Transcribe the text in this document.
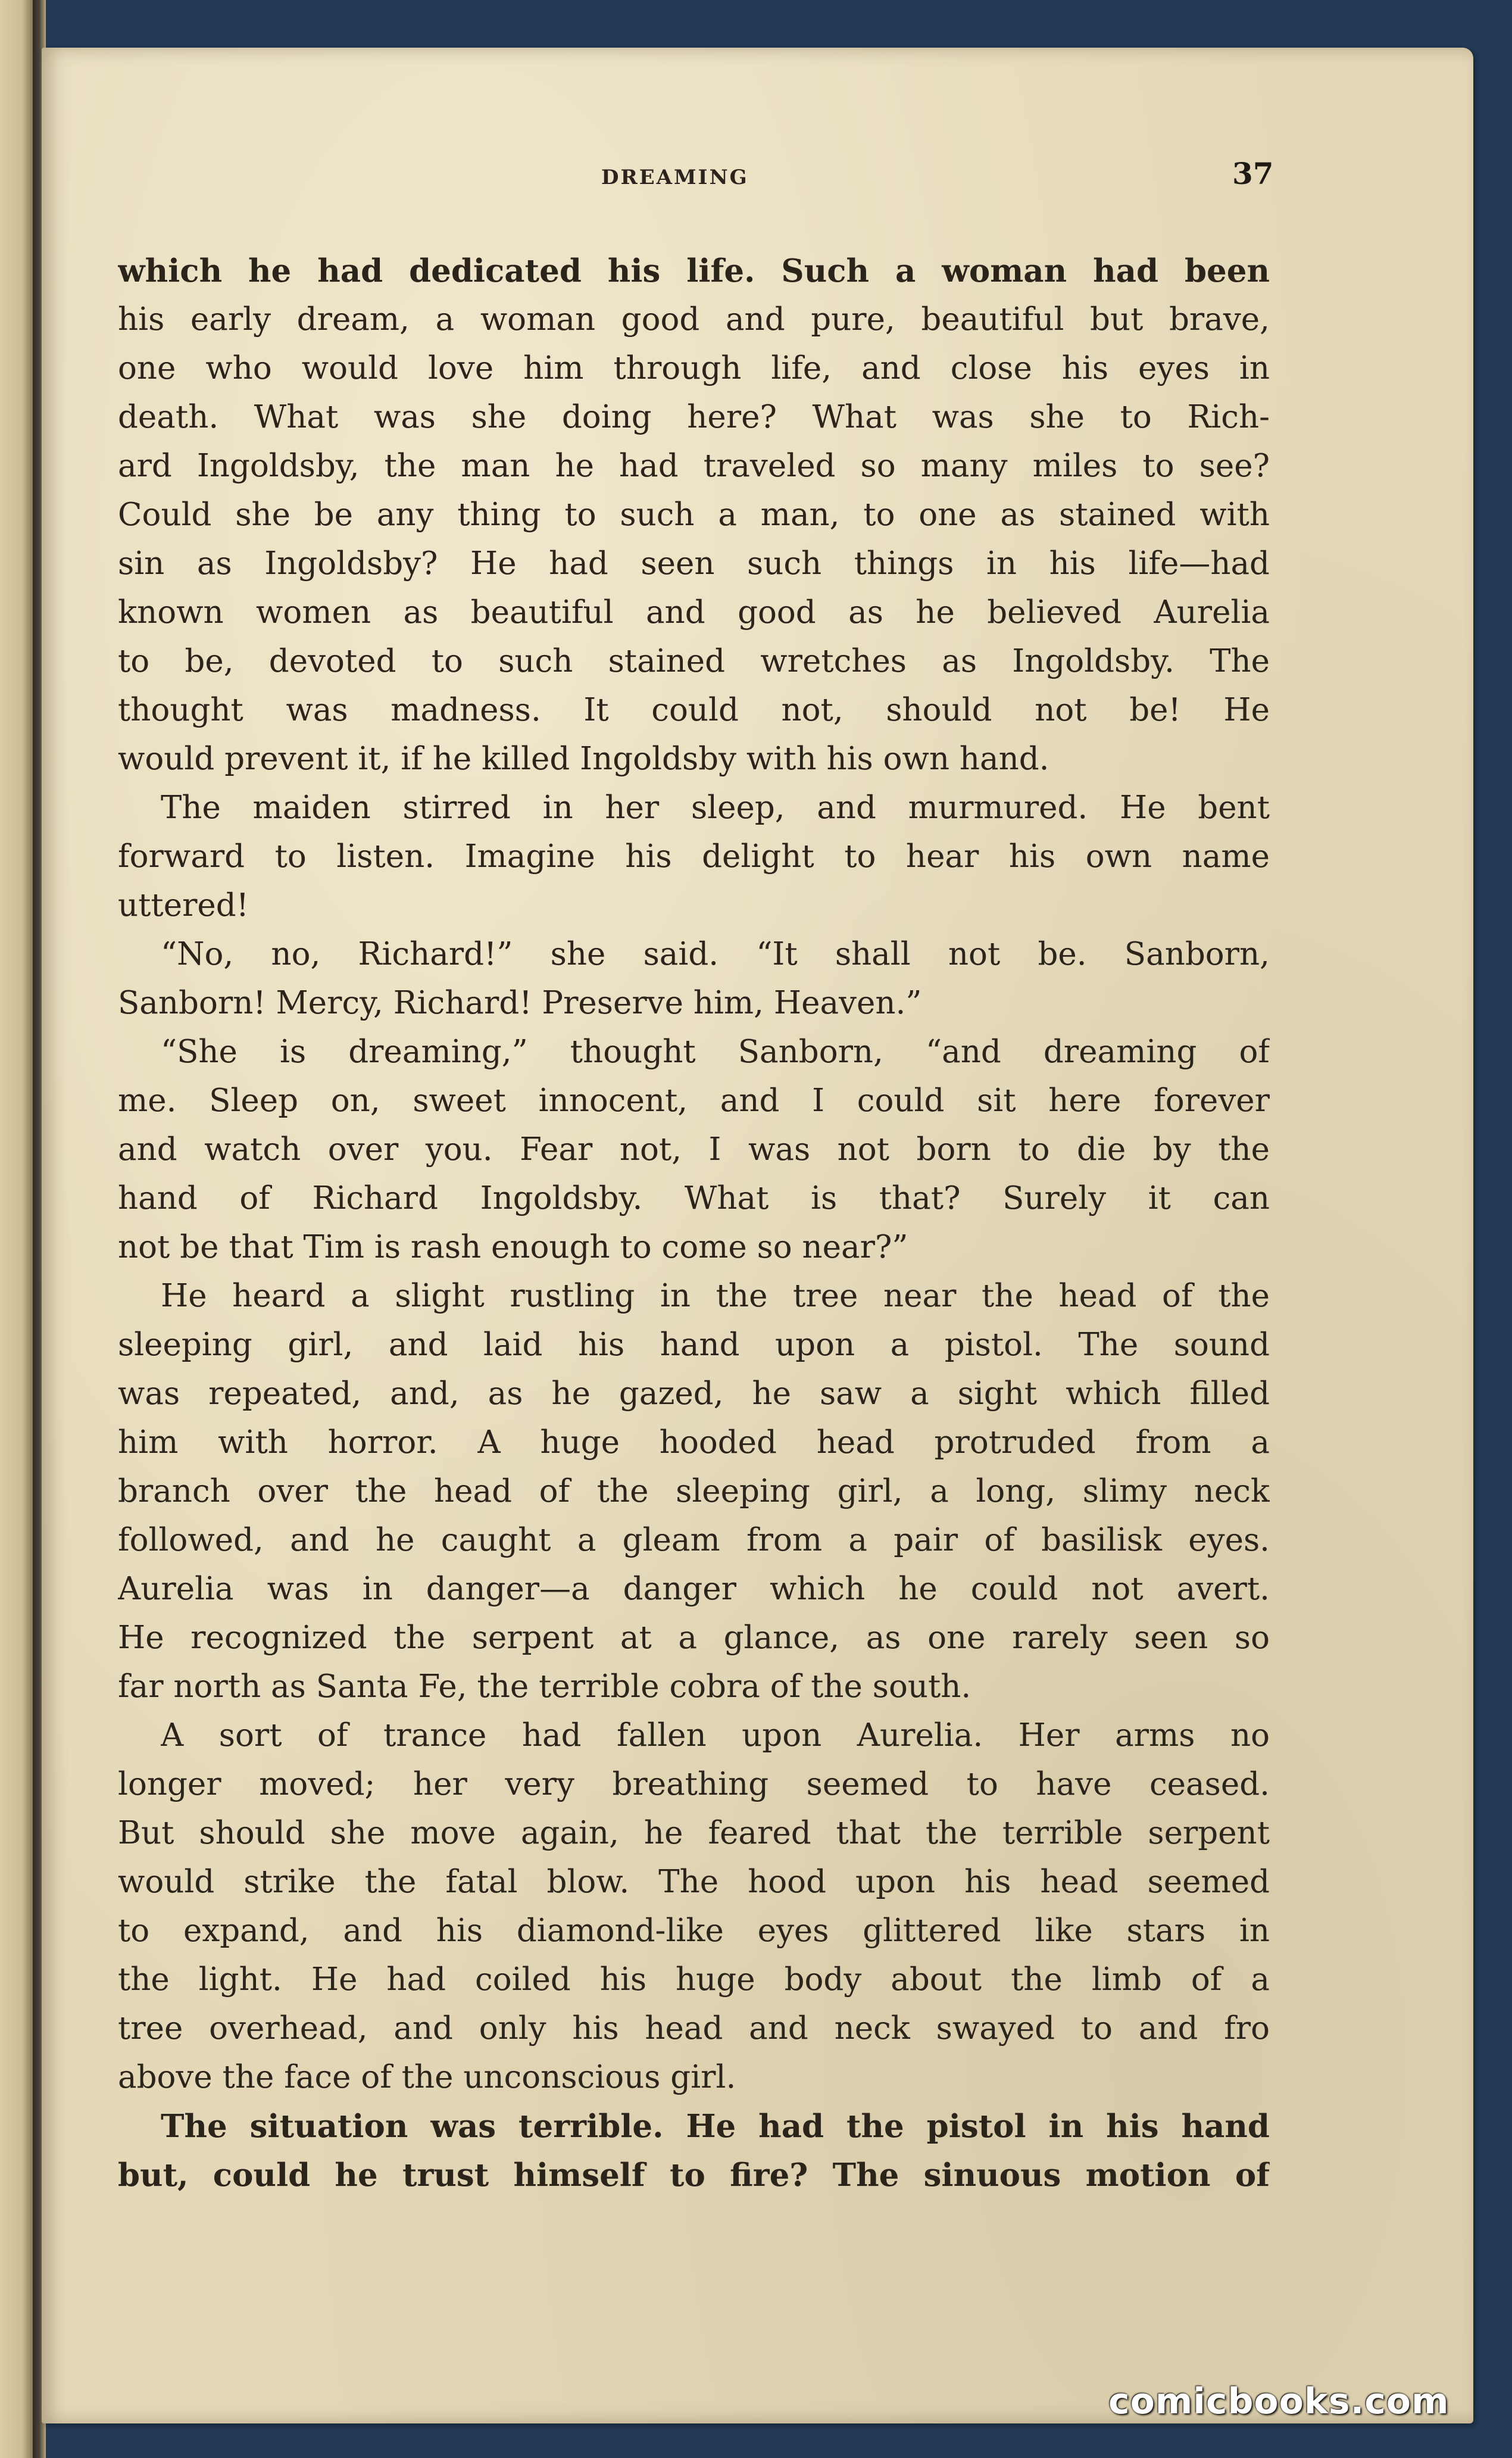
DREAMING	37
which he had dedicated his life. Such a woman had been
his early dream, a woman good and pure, beautiful but brave,
one who would love him through life, and close his eyes in
death. What was she doing here? What was she to Rich-
ard Ingoldsby, the man he had traveled so many miles to see?
Could she be any thing to such a man, to one as stained with
sin as Ingoldsby? He had seen such things in his life—had
known women as beautiful and good as he believed Aurelia
to be, devoted to such stained wretches as Ingoldsby. The
thought was madness. It could not, should not be! He
would prevent it, if he killed Ingoldsby with his own hand.
The maiden stirred in her sleep, and murmured. He bent
forward to listen. Imagine his delight to hear his own name
uttered!
“No, no, Richard!” she said. “It shall not be. Sanborn,
Sanborn! Mercy, Richard! Preserve him, Heaven.”
“She is dreaming,” thought Sanborn, “and dreaming of
me. Sleep on, sweet innocent, and I could sit here forever
and watch over you. Fear not, I was not born to die by the
hand of Richard Ingoldsby. What is that? Surely it can
not be that Tim is rash enough to come so near?”
He heard a slight rustling in the tree near the head of the
sleeping girl, and laid his hand upon a pistol. The sound
was repeated, and, as he gazed, he saw a sight which filled
him with horror. A huge hooded head protruded from a
branch over the head of the sleeping girl, a long, slimy neck
followed, and he caught a gleam from a pair of basilisk eyes.
Aurelia was in danger—a danger which he could not avert.
He recognized the serpent at a glance, as one rarely seen so
far north as Santa Fe, the terrible cobra of the south.
A sort of trance had fallen upon Aurelia. Her arms no
longer moved; her very breathing seemed to have ceased.
But should she move again, he feared that the terrible serpent
would strike the fatal blow. The hood upon his head seemed
to expand, and his diamond-like eyes glittered like stars in
the light. He had coiled his huge body about the limb of a
tree overhead, and only his head and neck swayed to and fro
above the face of the unconscious girl.
The situation was terrible. He had the pistol in his hand
but, could he trust himself to fire? The sinuous motion of
comicbooks.com
